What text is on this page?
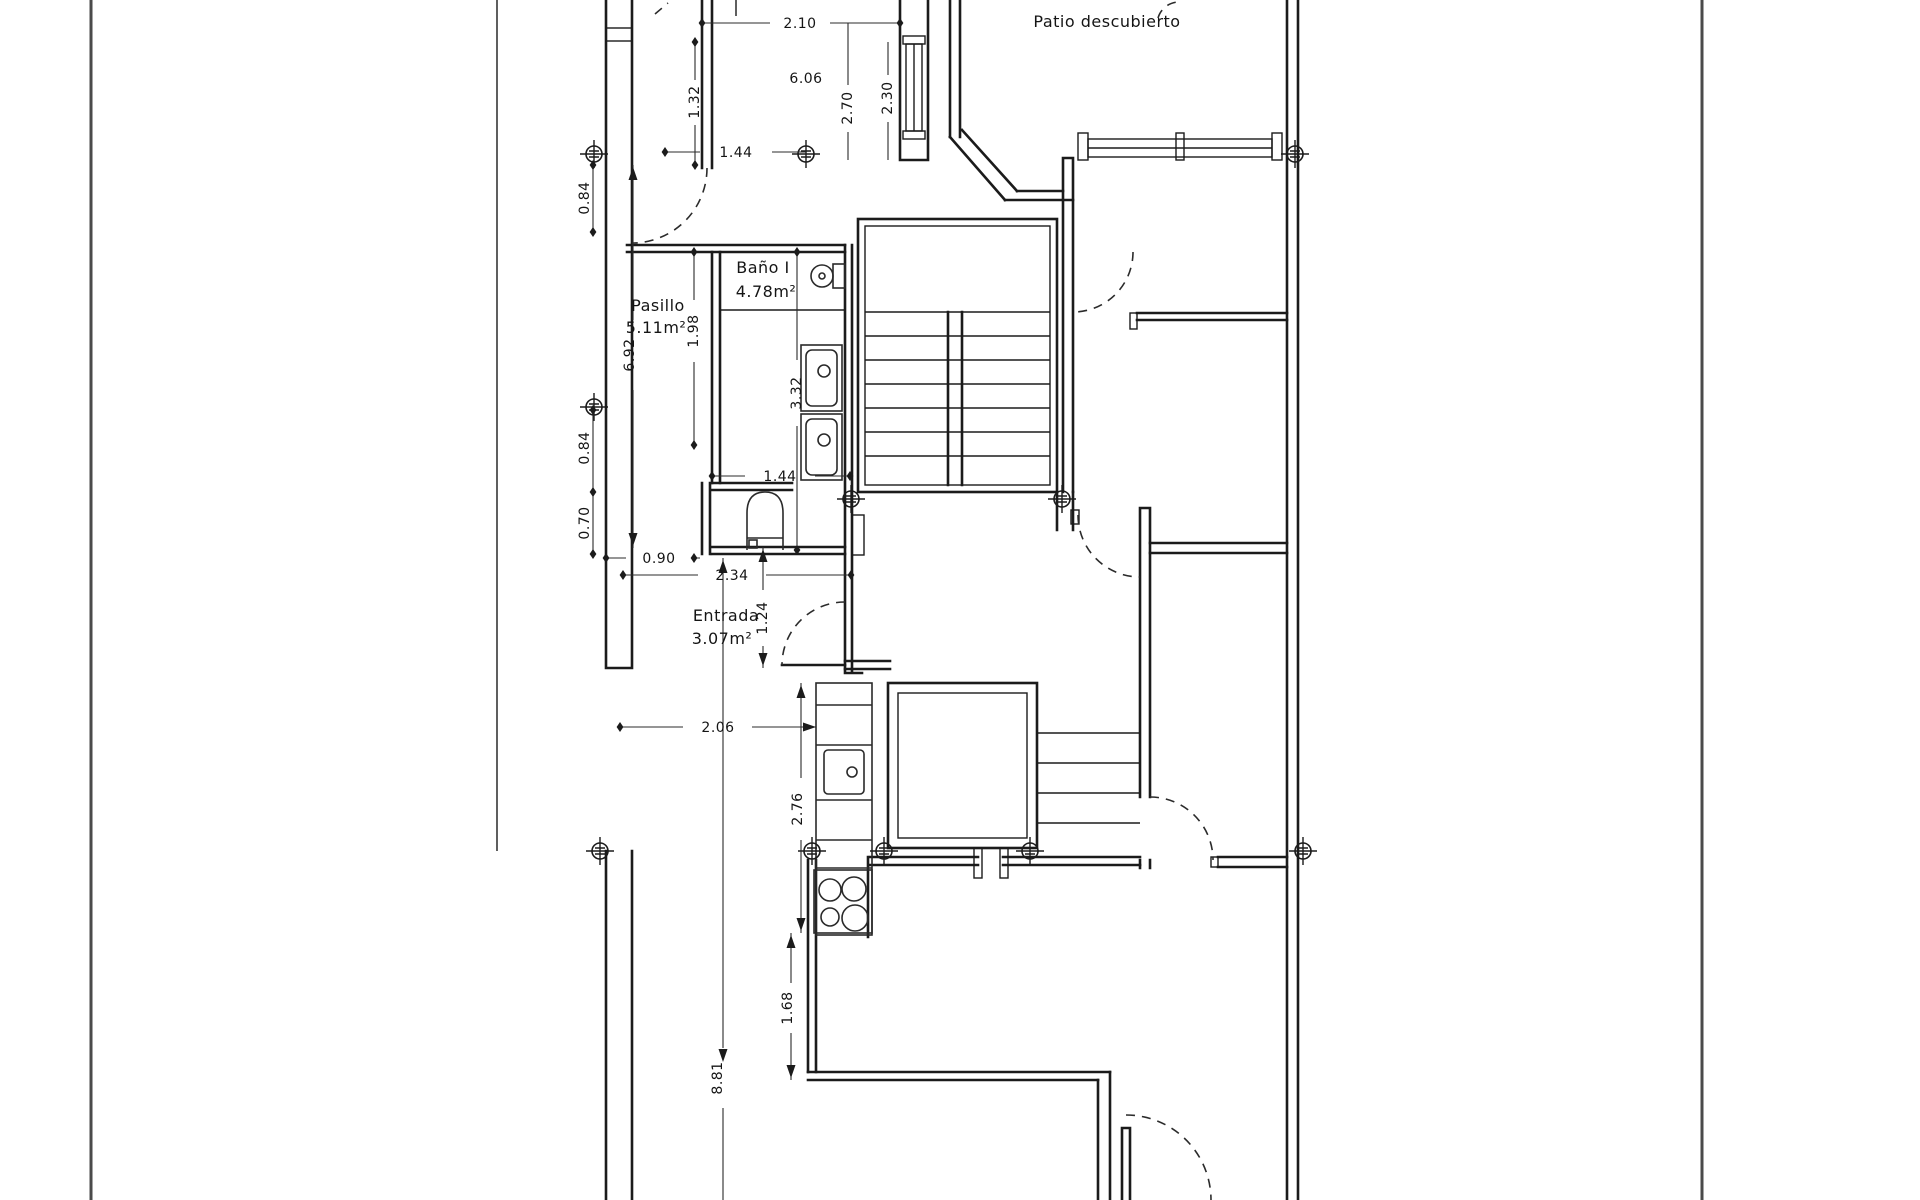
Patio descubierto
Baño I
4.78m²
Pasillo
5.11m²
Entrada
3.07m²
2.10
6.06
2.70 2.30
1.32
1.44
0.84
6.92
1.98
3.32
0.84
1.44
0.70
0.90
2.34
1.24
2.06
2.76
1.68
8.81
